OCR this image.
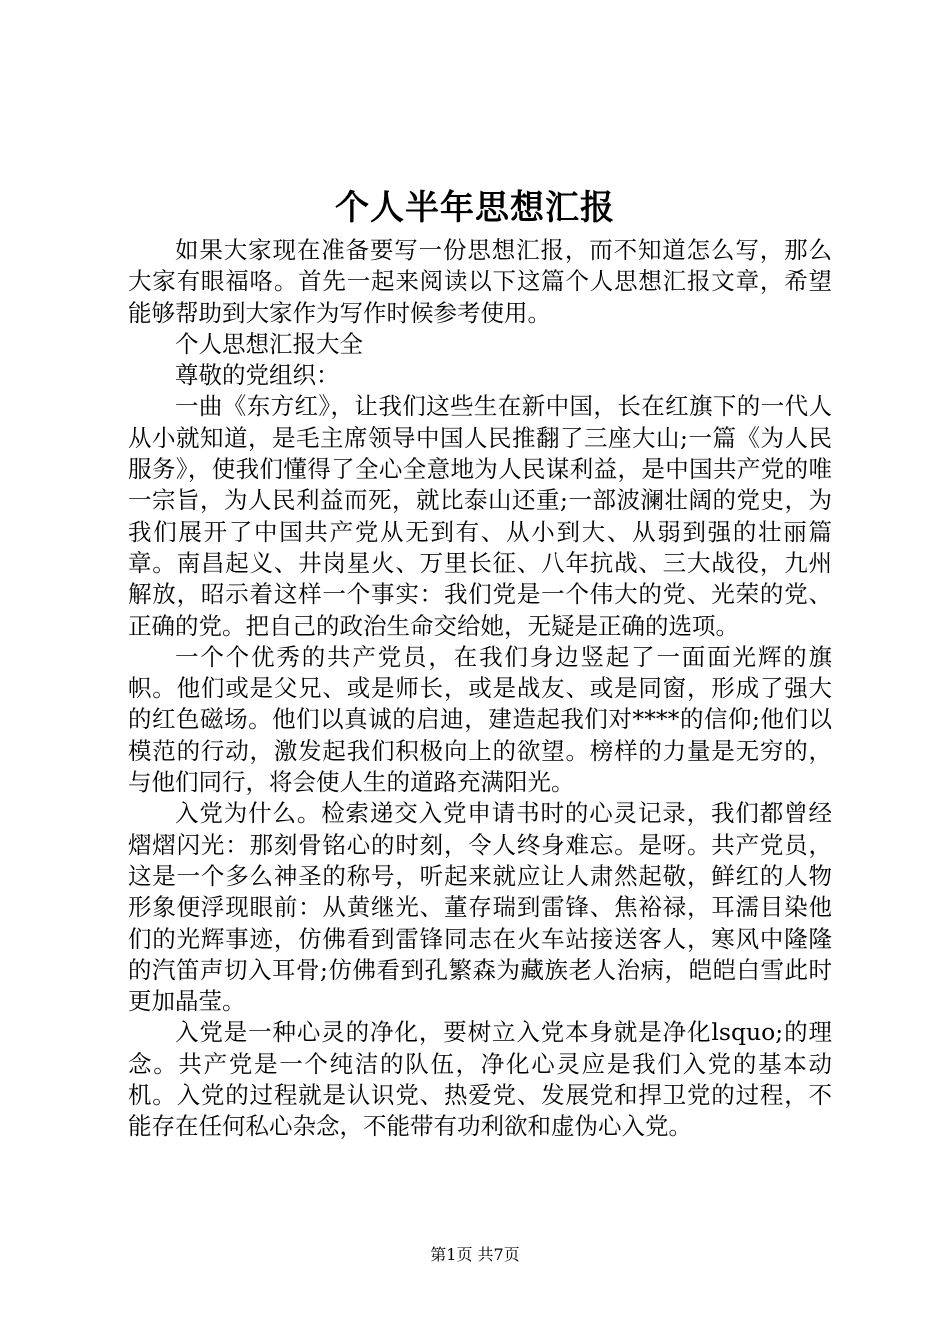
个人半年思想汇报

如果大家现在准备要写一份思想汇报，而不知道怎么写，那么大家有眼福咯。首先一起来阅读以下这篇个人思想汇报文章，希望能够帮助到大家作为写作时候参考使用。

个人思想汇报大全

尊敬的党组织：

一曲《东方红》，让我们这些生在新中国，长在红旗下的一代人从小就知道，是毛主席领导中国人民推翻了三座大山;一篇《为人民服务》，使我们懂得了全心全意地为人民谋利益，是中国共产党的唯一宗旨，为人民利益而死，就比泰山还重;一部波澜壮阔的党史，为我们展开了中国共产党从无到有、从小到大、从弱到强的壮丽篇章。南昌起义、井岗星火、万里长征、八年抗战、三大战役，九州解放，昭示着这样一个事实：我们党是一个伟大的党、光荣的党、正确的党。把自己的政治生命交给她，无疑是正确的选项。

一个个优秀的共产党员，在我们身边竖起了一面面光辉的旗帜。他们或是父兄、或是师长，或是战友、或是同窗，形成了强大的红色磁场。他们以真诚的启迪，建造起我们对****的信仰;他们以模范的行动，激发起我们积极向上的欲望。榜样的力量是无穷的，与他们同行，将会使人生的道路充满阳光。

入党为什么。检索递交入党申请书时的心灵记录，我们都曾经熠熠闪光：那刻骨铭心的时刻，令人终身难忘。是呀。共产党员，这是一个多么神圣的称号，听起来就应让人肃然起敬，鲜红的人物形象便浮现眼前：从黄继光、董存瑞到雷锋、焦裕禄，耳濡目染他们的光辉事迹，仿佛看到雷锋同志在火车站接送客人，寒风中隆隆的汽笛声切入耳骨;仿佛看到孔繁森为藏族老人治病，皑皑白雪此时更加晶莹。

入党是一种心灵的净化，要树立入党本身就是净化lsquo;的理念。共产党是一个纯洁的队伍，净化心灵应是我们入党的基本动机。入党的过程就是认识党、热爱党、发展党和捍卫党的过程，不能存在任何私心杂念，不能带有功利欲和虚伪心入党。

第1页 共7页
